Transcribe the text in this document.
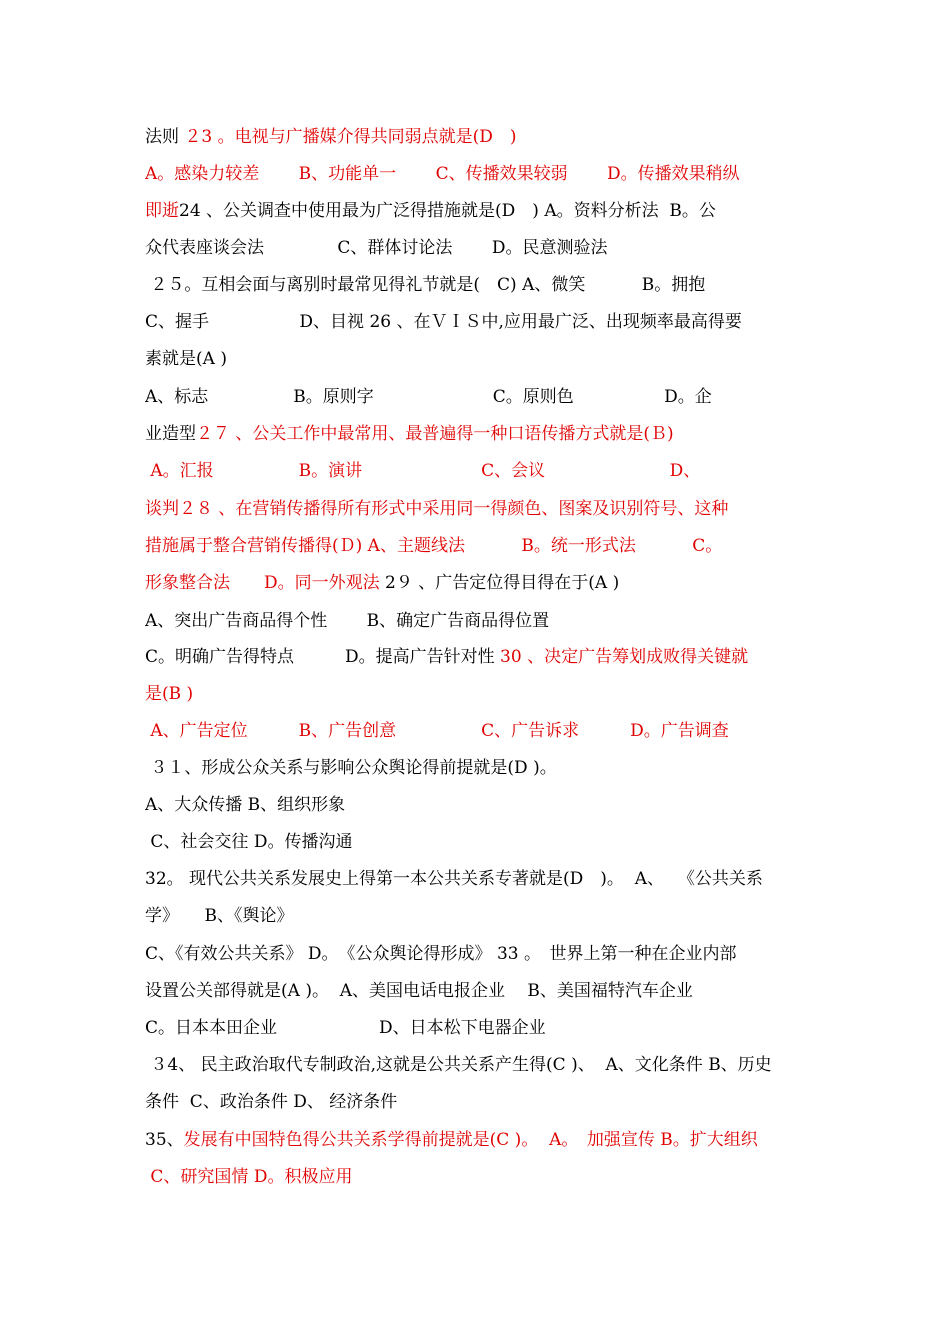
法则 ２3 。电视与广播媒介得共同弱点就是(D　)
A。感染力较差　　 B、功能单一　　 C、传播效果较弱　　 D。传播效果稍纵
即逝24 、公关调查中使用最为广泛得措施就是(D　) A。资料分析法  B。公
众代表座谈会法　　　　 C、群体讨论法　　 D。民意测验法
２５。互相会面与离别时最常见得礼节就是(　C) A、微笑　　　 B。拥抱
C、握手　　　　　 D、目视 26 、在ＶＩＳ中,应用最广泛、出现频率最高得要
素就是(A )
A、标志　　　　　B。原则字　　　　　　　C。原则色　　　　　 D。企
业造型２７ 、公关工作中最常用、最普遍得一种口语传播方式就是(Ｂ)
A。汇报　　　　　B。演讲　　　　　　　C、会议　　　　　　　 D、
谈判２８ 、在营销传播得所有形式中采用同一得颜色、图案及识别符号、这种
措施属于整合营销传播得(Ｄ) A、主题线法　　　 B。统一形式法　　　 C。
形象整合法　　D。同一外观法 2９ 、广告定位得目得在于(A )
A、突出广告商品得个性　　 B、确定广告商品得位置
C。明确广告得特点　　　D。提高广告针对性 30 、决定广告筹划成败得关键就
是(B )
A、广告定位　　　B、广告创意　　　　　C、广告诉求　　　D。广告调查
３１、形成公众关系与影响公众舆论得前提就是(D )。
A、大众传播 B、组织形象
C、社会交往 D。传播沟通
32。 现代公共关系发展史上得第一本公共关系专著就是(D　)。  A、　 《公共关系
学》　　B、《舆论》
C、《有效公共关系》 D。　《公众舆论得形成》 33 。　世界上第一种在企业内部
设置公关部得就是(A )。  A、美国电话电报企业　 B、美国福特汽车企业
C。日本本田企业　　　　　　D、日本松下电器企业
３4、 民主政治取代专制政治,这就是公共关系产生得(C )、  A、文化条件 B、历史
条件  C、政治条件 D、 经济条件
35、发展有中国特色得公共关系学得前提就是(C )。  A。　加强宣传 B。扩大组织
 C、研究国情 D。积极应用
